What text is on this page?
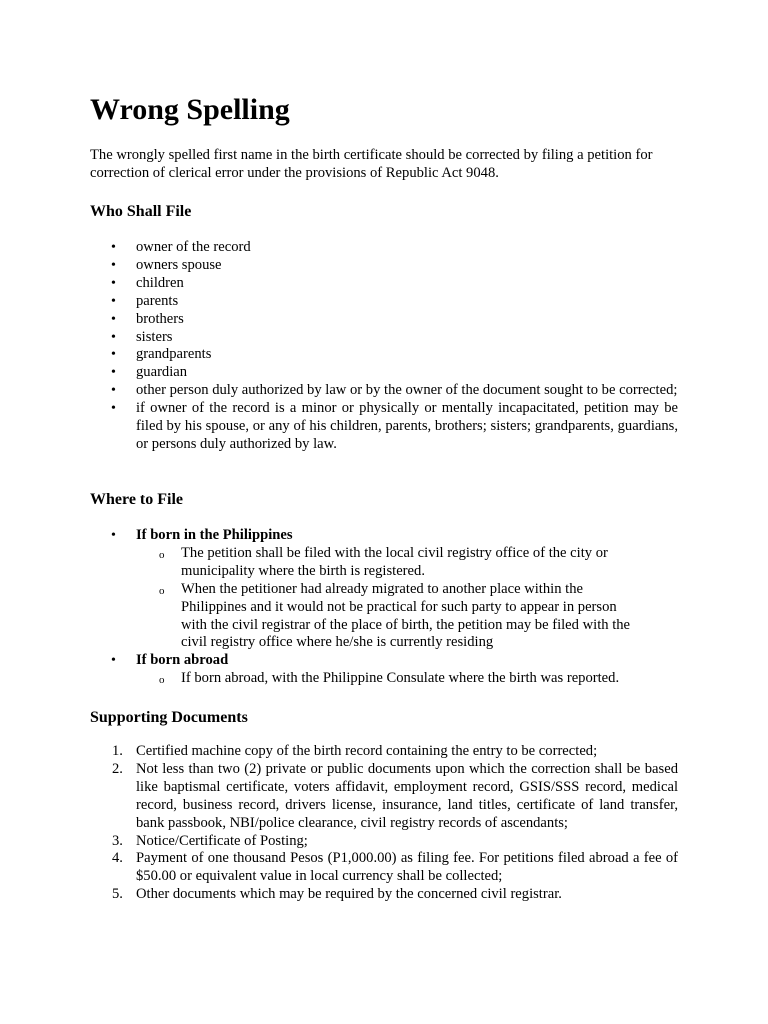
Wrong Spelling

The wrongly spelled first name in the birth certificate should be corrected by filing a petition for correction of clerical error under the provisions of Republic Act 9048.

Who Shall File
• owner of the record
• owners spouse
• children
• parents
• brothers
• sisters
• grandparents
• guardian
• other person duly authorized by law or by the owner of the document sought to be corrected;
• if owner of the record is a minor or physically or mentally incapacitated, petition may be filed by his spouse, or any of his children, parents, brothers; sisters; grandparents, guardians, or persons duly authorized by law.
Where to File
• If born in the Philippines
o The petition shall be filed with the local civil registry office of the city or municipality where the birth is registered.
o When the petitioner had already migrated to another place within the Philippines and it would not be practical for such party to appear in person with the civil registrar of the place of birth, the petition may be filed with the civil registry office where he/she is currently residing
• If born abroad
o If born abroad, with the Philippine Consulate where the birth was reported.
Supporting Documents
1. Certified machine copy of the birth record containing the entry to be corrected;
2. Not less than two (2) private or public documents upon which the correction shall be based like baptismal certificate, voters affidavit, employment record, GSIS/SSS record, medical record, business record, drivers license, insurance, land titles, certificate of land transfer, bank passbook, NBI/police clearance, civil registry records of ascendants;
3. Notice/Certificate of Posting;
4. Payment of one thousand Pesos (P1,000.00) as filing fee. For petitions filed abroad a fee of $50.00 or equivalent value in local currency shall be collected;
5. Other documents which may be required by the concerned civil registrar.
